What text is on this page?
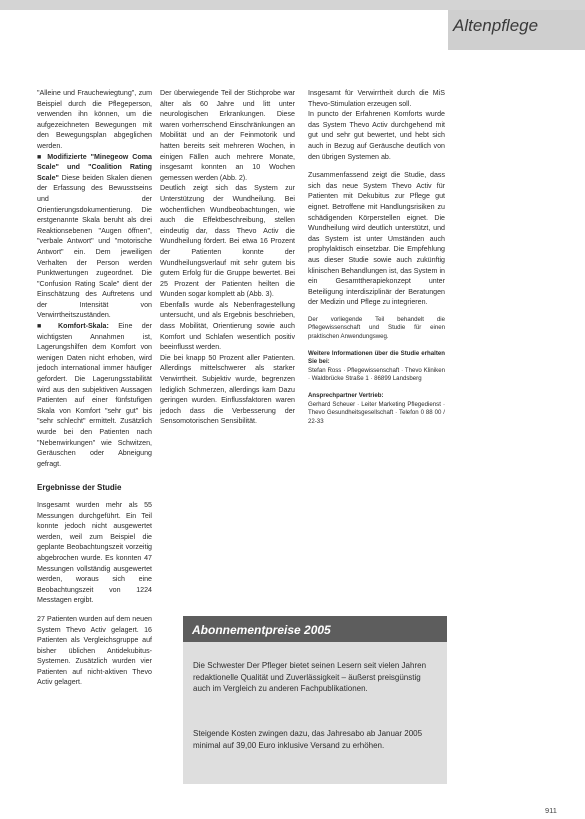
Altenpflege

"Alleine und Frauchewiegtung", zum Beispiel durch die Pflegeperson, verwenden ihn können, um die aufgezeichneten Bewegungen mit den Bewegungsplan abgeglichen werden.

■ Modifizierte "Minegeow Coma Scale" und "Coalition Rating Scale" Diese beiden Skalen dienen der Erfassung des Bewusstseins und der Orientierungsdokumentierung. Die erstgenannte Skala beruht als drei Reaktionsebenen "Augen öffnen", "verbale Antwort" und "motorische Antwort" ein. Dem jeweiligen Verhalten der Person werden Punktwertungen zugeordnet. Die "Confusion Rating Scale" dient der Einschätzung des Auftretens und der Intensität von Verwirrtheitszuständen.

■ Komfort-Skala: Eine der wichtigsten Annahmen ist, Lagerungshilfen dem Komfort von wenigen Daten nicht erhoben, wird jedoch international immer häufiger gefordert. Die Lagerungsstabilität wird aus den subjektiven Aussagen Patienten auf einer fünfstufigen Skala von Komfort "sehr gut" bis "sehr schlecht" ermittelt. Zusätzlich wurde bei den Patienten nach "Nebenwirkungen" wie Schwitzen, Geräuschen oder Abneigung gefragt.

Ergebnisse der Studie

Insgesamt wurden mehr als 55 Messungen durchgeführt. Ein Teil konnte jedoch nicht ausgewertet werden, weil zum Beispiel die geplante Beobachtungszeit vorzeitig abgebrochen wurde. Es konnten 47 Messungen vollständig ausgewertet werden, woraus sich eine Beobachtungszeit von 1224 Messtagen ergibt.

27 Patienten wurden auf dem neuen System Thevo Activ gelagert. 16 Patienten als Vergleichsgruppe auf bisher üblichen Antidekubitus-Systemen. Zusätzlich wurden vier Patienten auf nicht-aktiven Thevo Activ gelagert.

Der überwiegende Teil der Stichprobe war älter als 60 Jahre und litt unter neurologischen Erkrankungen. Diese waren vorherrschend Einschränkungen an Mobilität und an der Feinmotorik und hatten bereits seit mehreren Wochen, in einigen Fällen auch mehrere Monate, insgesamt konnten an 10 Wochen gemessen werden (Abb. 2).

Deutlich zeigt sich das System zur Unterstützung der Wundheilung. Bei wöchentlichen Wundbeobachtungen, wie auch die Effektbeschreibung, stellen eindeutig dar, dass Thevo Activ die Wundheilung fördert. Bei etwa 16 Prozent der Patienten konnte der Wundheilungsverlauf mit sehr gutem bis gutem Erfolg für die Gruppe bewertet. Bei 25 Prozent der Patienten heilten die Wunden sogar komplett ab (Abb. 3).

Ebenfalls wurde als Nebenfragestellung untersucht, und als Ergebnis beschrieben, dass Mobilität, Orientierung sowie auch Komfort und Schlafen wesentlich positiv beeinflusst werden.

Die bei knapp 50 Prozent aller Patienten. Allerdings mittelschwerer als starker Verwirrtheit. Subjektiv wurde, begrenzen lediglich Schmerzen, allerdings kam Dazu geringen wurden. Einflussfaktoren waren jedoch dass die Verbesserung der Sensomotorischen Sensibilität.

Insgesamt für Verwirrtheit durch die MiS Thevo-Stimulation erzeugen soll.

In puncto der Erfahrenen Komforts wurde das System Thevo Activ durchgehend mit gut und sehr gut bewertet, und hebt sich auch in Bezug auf Geräusche deutlich von den übrigen Systemen ab.

Zusammenfassend zeigt die Studie, dass sich das neue System Thevo Activ für Patienten mit Dekubitus zur Pflege gut eignet. Betroffene mit Handlungsrisiken zu schädigenden Körperstellen eignet. Die Wundheilung wird deutlich unterstützt, und das System ist unter Umständen auch prophylaktisch einsetzbar. Die Empfehlung aus dieser Studie sowie auch zukünftig klinischen Behandlungen ist, das System in ein Gesamttherapiekonzept unter Beteiligung interdisziplinär der Beratungen der Medizin und Pflege zu integrieren.

Der vorliegende Teil behandelt die Pflegewissenschaft und Studie für einen praktischen Anwendungsweg.

Weitere Informationen über die Studie erhalten Sie bei:

Stefan Ross · Pflegewissenschaft · Thevo Kliniken · Waldbrücke Straße 1 · 86899 Landsberg

Ansprechpartner Vertrieb:

Gerhard Scheuer · Leiter Marketing Pflegedienst · Thevo Gesundheitsgesellschaft · Telefon 0 88 00 / 22-33

Abonnementpreise 2005
Die Schwester Der Pfleger bietet seinen Lesern seit vielen Jahren redaktionelle Qualität und Zuverlässigkeit – äußerst preisgünstig auch im Vergleich zu anderen Fachpublikationen.
Steigende Kosten zwingen dazu, das Jahresabo ab Januar 2005 minimal auf 39,00 Euro inklusive Versand zu erhöhen.
911
